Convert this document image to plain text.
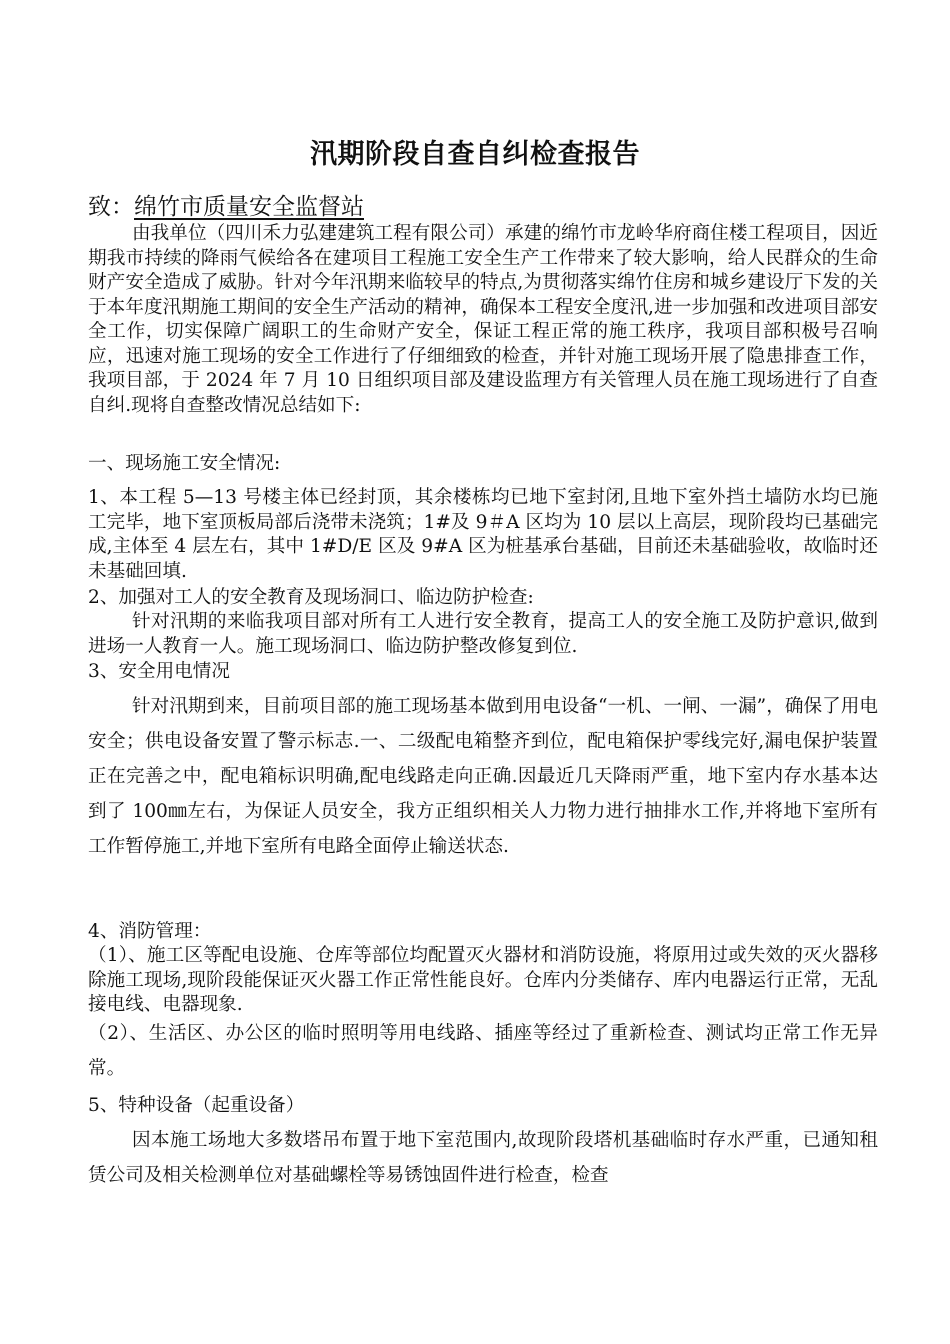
汛期阶段自查自纠检查报告
致：绵竹市质量安全监督站

由我单位（四川禾力弘建建筑工程有限公司）承建的绵竹市龙岭华府商住楼工程项目，因近期我市持续的降雨气候给各在建项目工程施工安全生产工作带来了较大影响，给人民群众的生命财产安全造成了威胁。针对今年汛期来临较早的特点,为贯彻落实绵竹住房和城乡建设厅下发的关于本年度汛期施工期间的安全生产活动的精神，确保本工程安全度汛,进一步加强和改进项目部安全工作，切实保障广阔职工的生命财产安全，保证工程正常的施工秩序，我项目部积极号召响应，迅速对施工现场的安全工作进行了仔细细致的检查，并针对施工现场开展了隐患排查工作，我项目部，于 2024 年 7 月 10 日组织项目部及建设监理方有关管理人员在施工现场进行了自查自纠.现将自查整改情况总结如下:

一、现场施工安全情况:

1、本工程 5—13 号楼主体已经封顶，其余楼栋均已地下室封闭,且地下室外挡土墙防水均已施工完毕，地下室顶板局部后浇带未浇筑；1#及 9＃A 区均为 10 层以上高层，现阶段均已基础完成,主体至 4 层左右，其中 1#D/E 区及 9#A 区为桩基承台基础，目前还未基础验收，故临时还未基础回填.

2、加强对工人的安全教育及现场洞口、临边防护检查:

针对汛期的来临我项目部对所有工人进行安全教育，提高工人的安全施工及防护意识,做到进场一人教育一人。施工现场洞口、临边防护整改修复到位.

3、安全用电情况

针对汛期到来，目前项目部的施工现场基本做到用电设备“一机、一闸、一漏”，确保了用电安全；供电设备安置了警示标志.一、二级配电箱整齐到位，配电箱保护零线完好,漏电保护装置正在完善之中，配电箱标识明确,配电线路走向正确.因最近几天降雨严重，地下室内存水基本达到了 100㎜左右，为保证人员安全，我方正组织相关人力物力进行抽排水工作,并将地下室所有工作暂停施工,并地下室所有电路全面停止输送状态.

4、消防管理：

（1）、施工区等配电设施、仓库等部位均配置灭火器材和消防设施，将原用过或失效的灭火器移除施工现场,现阶段能保证灭火器工作正常性能良好。仓库内分类储存、库内电器运行正常，无乱接电线、电器现象.

（2）、生活区、办公区的临时照明等用电线路、插座等经过了重新检查、测试均正常工作无异常。

5、特种设备（起重设备）

因本施工场地大多数塔吊布置于地下室范围内,故现阶段塔机基础临时存水严重，已通知租赁公司及相关检测单位对基础螺栓等易锈蚀固件进行检查，检查
